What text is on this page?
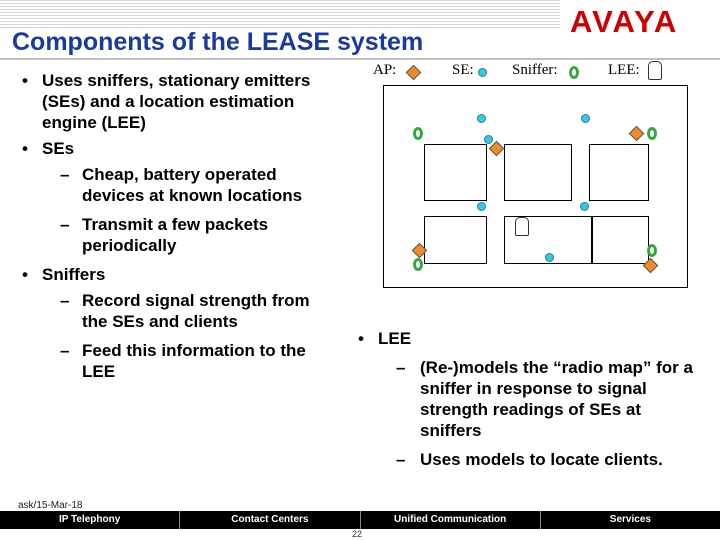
AVAYA
Components of the LEASE system
• Uses sniffers, stationary emitters (SEs) and a location estimation engine (LEE)
• SEs
– Cheap, battery operated devices at known locations
– Transmit a few packets periodically
• Sniffers
– Record signal strength from the SEs and clients
– Feed this information to the LEE
AP:	SE:	Sniffer:	LEE:
• LEE
– (Re-)models the “radio map” for a sniffer in response to signal strength readings of SEs at sniffers
– Uses models to locate clients.
ask/15-Mar-18
IP Telephony	Contact Centers	Unified Communication	Services
22
